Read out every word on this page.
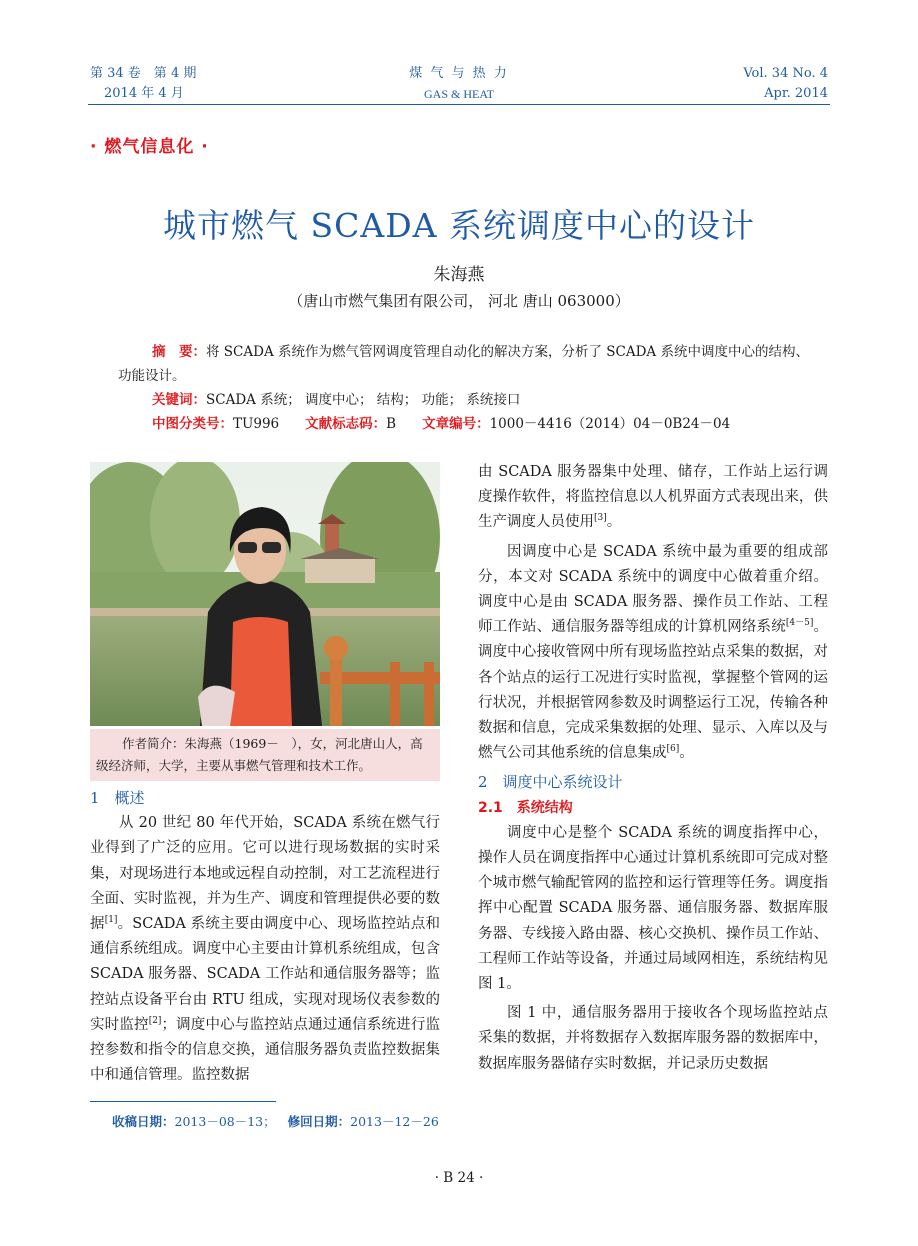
第 34 卷　第 4 期
2014 年 4 月
煤 气 与 热 力
GAS & HEAT
Vol. 34 No. 4
Apr. 2014
· 燃气信息化 ·
城市燃气 SCADA 系统调度中心的设计
朱海燕
（唐山市燃气集团有限公司， 河北 唐山 063000）
摘　要：将 SCADA 系统作为燃气管网调度管理自动化的解决方案，分析了 SCADA 系统中调度中心的结构、功能设计。
关键词：SCADA 系统； 调度中心； 结构； 功能； 系统接口
中图分类号：TU996 文献标志码：B 文章编号：1000－4416（2014）04－0B24－04
作者简介：朱海燕（1969－　），女，河北唐山人，高级经济师，大学，主要从事燃气管理和技术工作。

1　概述

从 20 世纪 80 年代开始，SCADA 系统在燃气行业得到了广泛的应用。它可以进行现场数据的实时采集，对现场进行本地或远程自动控制，对工艺流程进行全面、实时监视，并为生产、调度和管理提供必要的数据[1]。SCADA 系统主要由调度中心、现场监控站点和通信系统组成。调度中心主要由计算机系统组成，包含 SCADA 服务器、SCADA 工作站和通信服务器等；监控站点设备平台由 RTU 组成，实现对现场仪表参数的实时监控[2]；调度中心与监控站点通过通信系统进行监控参数和指令的信息交换，通信服务器负责监控数据集中和通信管理。监控数据

由 SCADA 服务器集中处理、储存，工作站上运行调度操作软件，将监控信息以人机界面方式表现出来，供生产调度人员使用[3]。

因调度中心是 SCADA 系统中最为重要的组成部分，本文对 SCADA 系统中的调度中心做着重介绍。调度中心是由 SCADA 服务器、操作员工作站、工程师工作站、通信服务器等组成的计算机网络系统[4－5]。调度中心接收管网中所有现场监控站点采集的数据，对各个站点的运行工况进行实时监视，掌握整个管网的运行状况，并根据管网参数及时调整运行工况，传输各种数据和信息，完成采集数据的处理、显示、入库以及与燃气公司其他系统的信息集成[6]。

2　调度中心系统设计

2.1　系统结构

调度中心是整个 SCADA 系统的调度指挥中心，操作人员在调度指挥中心通过计算机系统即可完成对整个城市燃气输配管网的监控和运行管理等任务。调度指挥中心配置 SCADA 服务器、通信服务器、数据库服务器、专线接入路由器、核心交换机、操作员工作站、工程师工作站等设备，并通过局域网相连，系统结构见图 1。

图 1 中，通信服务器用于接收各个现场监控站点采集的数据，并将数据存入数据库服务器的数据库中，数据库服务器储存实时数据，并记录历史数据

收稿日期：2013－08－13； 修回日期：2013－12－26
· B 24 ·
